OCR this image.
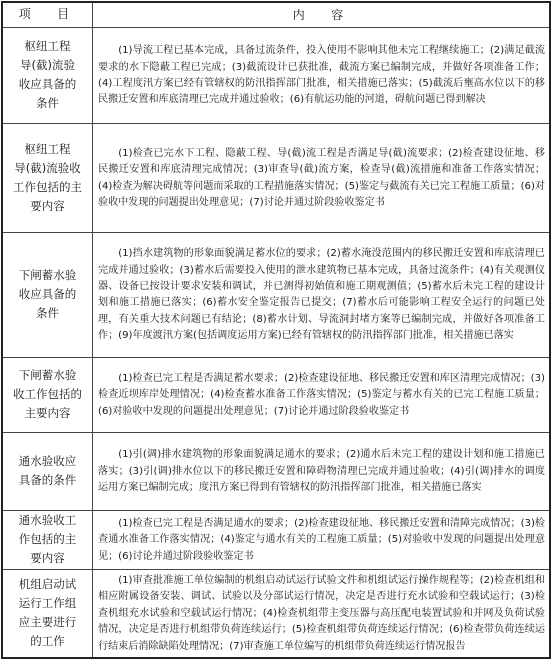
项　目	内　容
枢纽工程
导(截)流验
收应具备的
条件
(1)导流工程已基本完成，具备过流条件，投入使用不影响其他未完工程继续施工；(2)满足截流要求的水下隐蔽工程已完成；(3)截流设计已获批准，截流方案已编制完成，并做好各项准备工作；(4)工程度汛方案已经有管辖权的防汛指挥部门批准，相关措施已落实；(5)截流后壅高水位以下的移民搬迁安置和库底清理已完成并通过验收；(6)有航运功能的河道，碍航问题已得到解决
枢纽工程
导(截)流验收
工作包括的主
要内容
(1)检查已完水下工程、隐蔽工程、导(截)流工程是否满足导(截)流要求；(2)检查建设征地、移民搬迁安置和库底清理完成情况；(3)审查导(截)流方案，检查导(截)流措施和准备工作落实情况；(4)检查为解决碍航等问题而采取的工程措施落实情况；(5)鉴定与截流有关已完工程施工质量；(6)对验收中发现的问题提出处理意见；(7)讨论并通过阶段验收鉴定书
下闸蓄水验
收应具备的
条件
(1)挡水建筑物的形象面貌满足蓄水位的要求；(2)蓄水淹没范围内的移民搬迁安置和库底清理已完成并通过验收；(3)蓄水后需要投入使用的泄水建筑物已基本完成，具备过流条件；(4)有关观测仪器、设备已按设计要求安装和调试，并已测得初始值和施工期观测值；(5)蓄水后未完工程的建设计划和施工措施已落实；(6)蓄水安全鉴定报告已提交；(7)蓄水后可能影响工程安全运行的问题已处理，有关重大技术问题已有结论；(8)蓄水计划、导流洞封堵方案等已编制完成，并做好各项准备工作；(9)年度渡汛方案(包括调度运用方案)已经有管辖权的防汛指挥部门批准，相关措施已落实
下闸蓄水验
收工作包括的
主要内容
(1)检查已完工程是否满足蓄水要求；(2)检查建设征地、移民搬迁安置和库区清理完成情况；(3)检查近坝库岸处理情况；(4)检查蓄水准备工作落实情况；(5)鉴定与蓄水有关的已完工程施工质量；(6)对验收中发现的问题提出处理意见；(7)讨论并通过阶段验收鉴定书
通水验收应
具备的条件
(1)引(调)排水建筑物的形象面貌满足通水的要求；(2)通水后未完工程的建设计划和施工措施已落实；(3)引(调)排水位以下的移民搬迁安置和障碍物清理已完成并通过验收；(4)引(调)排水的调度运用方案已编制完成；度汛方案已得到有管辖权的防汛指挥部门批准，相关措施已落实
通水验收工
作包括的主
要内容
(1)检查已完工程是否满足通水的要求；(2)检查建设征地、移民搬迁安置和清障完成情况；(3)检查通水准备工作落实情况；(4)鉴定与通水有关的工程施工质量；(5)对验收中发现的问题提出处理意见；(6)讨论并通过阶段验收鉴定书
机组启动试
运行工作组
应主要进行
的工作
(1)审查批准施工单位编制的机组启动试运行试验文件和机组试运行操作规程等；(2)检查机组和相应附属设备安装、调试、试验以及分部试运行情况，决定是否进行充水试验和空载试运行；(3)检查机组充水试验和空载试运行情况；(4)检查机组带主变压器与高压配电装置试验和并网及负荷试验情况，决定是否进行机组带负荷连续运行；(5)检查机组带负荷连续运行情况；(6)检查带负荷连续运行结束后消除缺陷处理情况；(7)审查施工单位编写的机组带负荷连续运行情况报告
